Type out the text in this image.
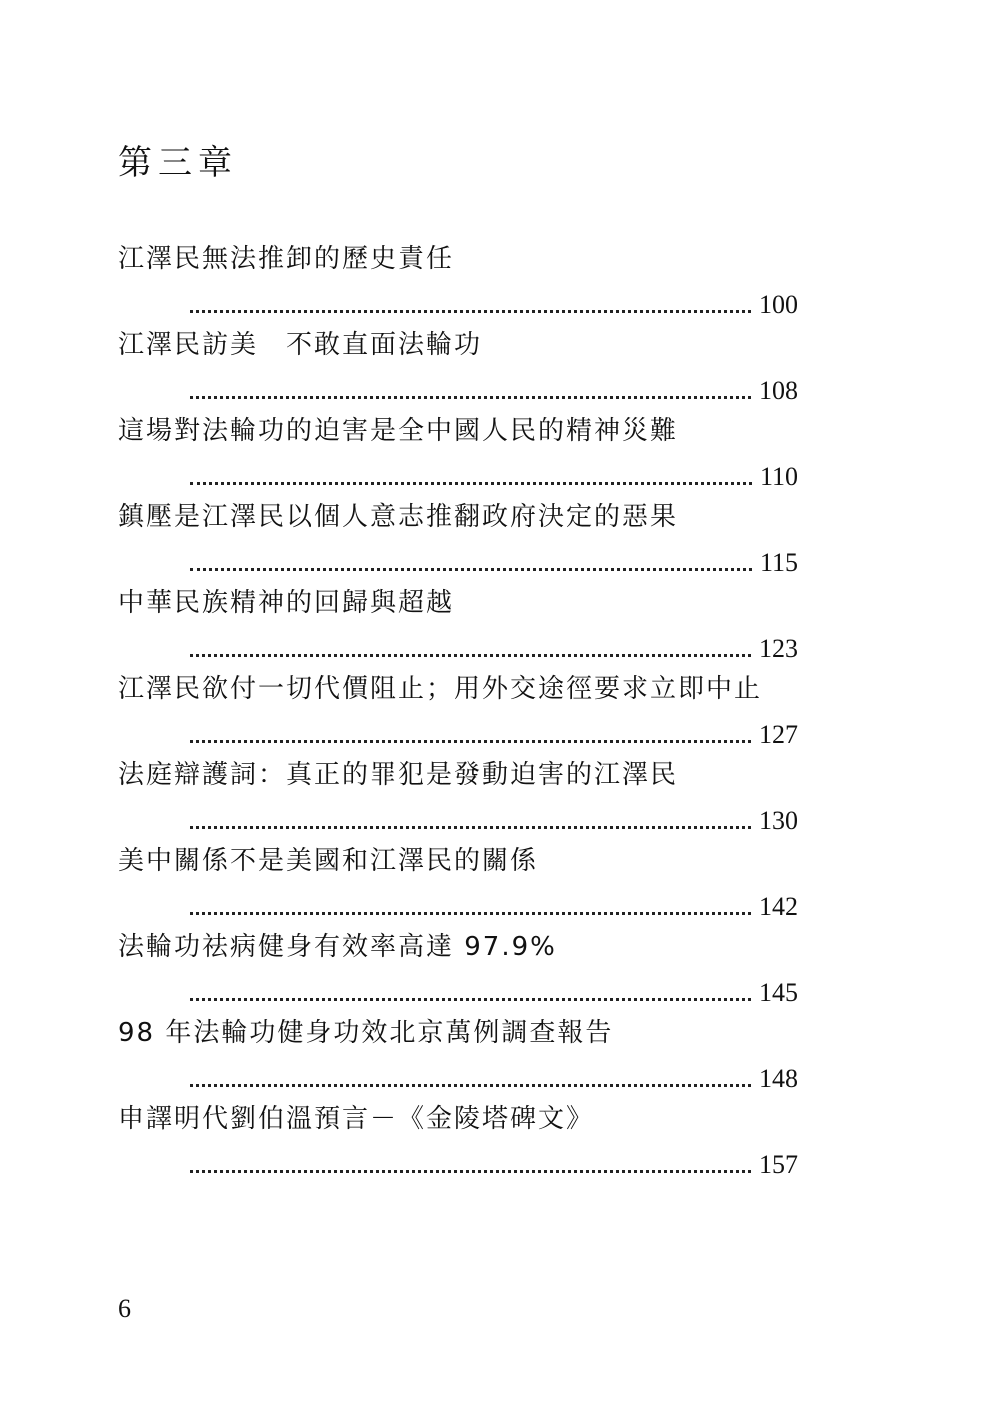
第三章
江澤民無法推卸的歷史責任
100
江澤民訪美　不敢直面法輪功
108
這場對法輪功的迫害是全中國人民的精神災難
110
鎮壓是江澤民以個人意志推翻政府決定的惡果
115
中華民族精神的回歸與超越
123
江澤民欲付一切代價阻止；用外交途徑要求立即中止
127
法庭辯護詞：真正的罪犯是發動迫害的江澤民
130
美中關係不是美國和江澤民的關係
142
法輪功祛病健身有效率高達 97.9%
145
98 年法輪功健身功效北京萬例調查報告
148
申譯明代劉伯溫預言－《金陵塔碑文》
157
6
